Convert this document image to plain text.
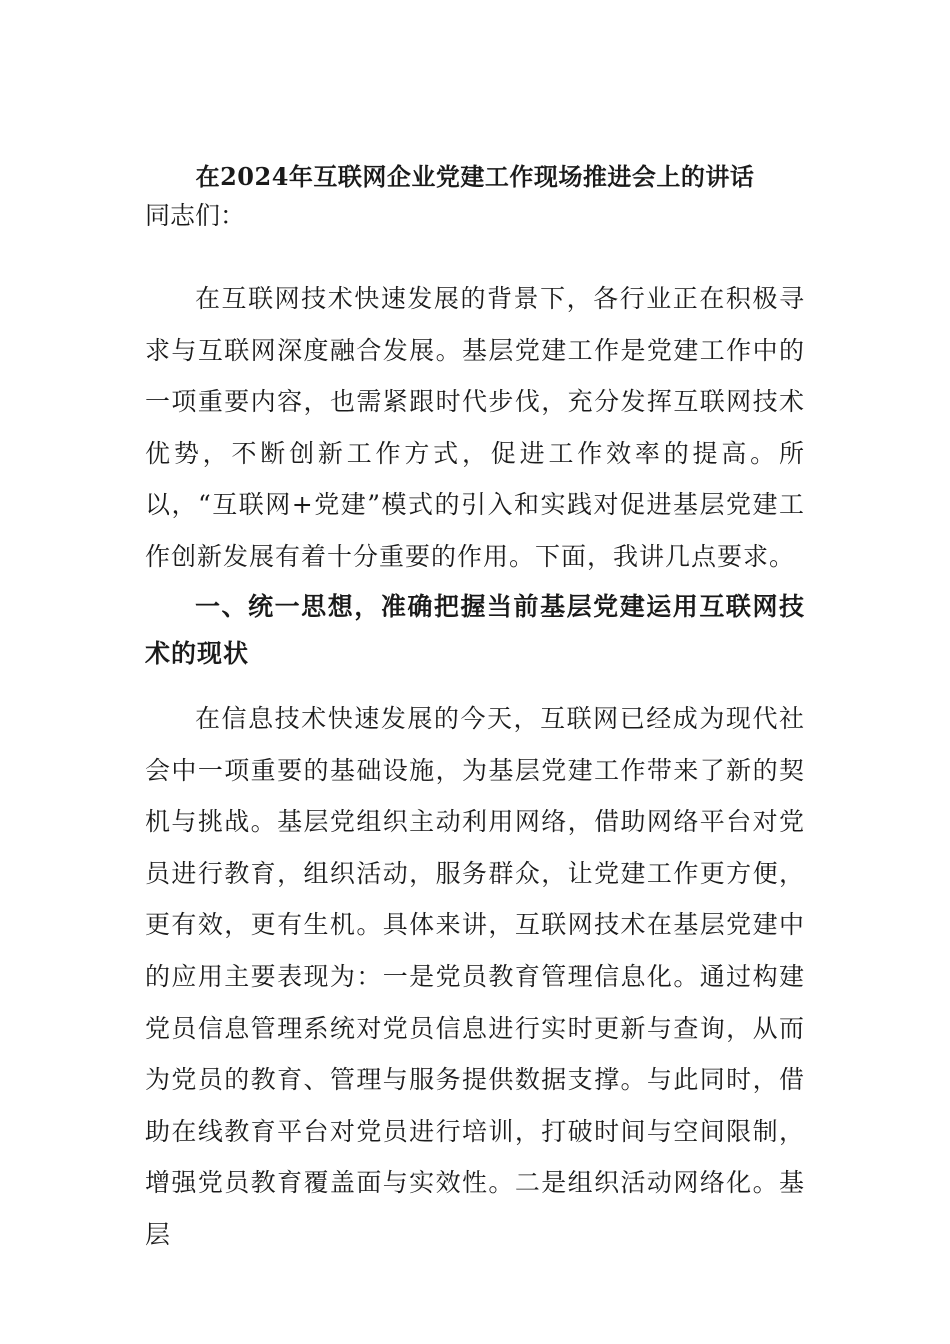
在2024年互联网企业党建工作现场推进会上的讲话
同志们：

在互联网技术快速发展的背景下，各行业正在积极寻求与互联网深度融合发展。基层党建工作是党建工作中的一项重要内容，也需紧跟时代步伐，充分发挥互联网技术优势，不断创新工作方式，促进工作效率的提高。所以，“互联网+党建”模式的引入和实践对促进基层党建工作创新发展有着十分重要的作用。下面，我讲几点要求。

一、统一思想，准确把握当前基层党建运用互联网技术的现状

在信息技术快速发展的今天，互联网已经成为现代社会中一项重要的基础设施，为基层党建工作带来了新的契机与挑战。基层党组织主动利用网络，借助网络平台对党员进行教育，组织活动，服务群众，让党建工作更方便，更有效，更有生机。具体来讲，互联网技术在基层党建中的应用主要表现为：一是党员教育管理信息化。通过构建党员信息管理系统对党员信息进行实时更新与查询，从而为党员的教育、管理与服务提供数据支撑。与此同时，借助在线教育平台对党员进行培训，打破时间与空间限制，增强党员教育覆盖面与实效性。二是组织活动网络化。基层
